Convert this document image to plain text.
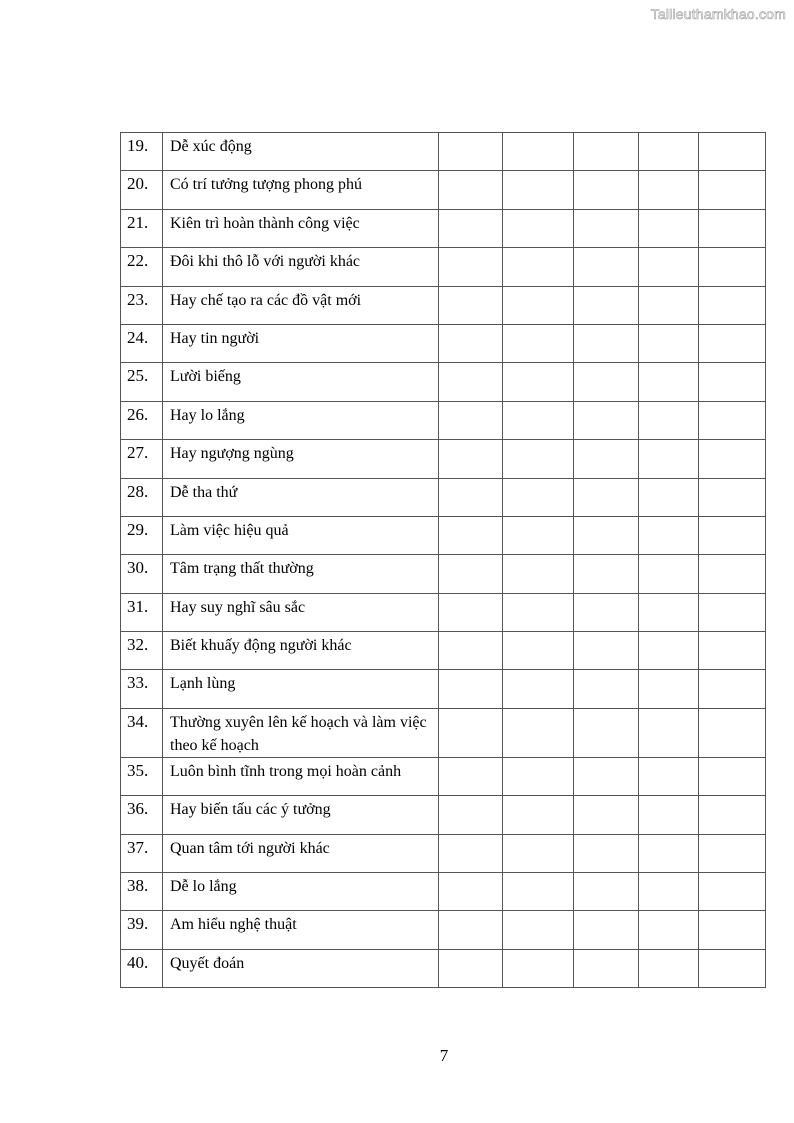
Tailieuthamkhao.com
19.	Dễ xúc động					
20.	Có trí tưởng tượng phong phú					
21.	Kiên trì hoàn thành công việc					
22.	Đôi khi thô lỗ với người khác					
23.	Hay chế tạo ra các đồ vật mới					
24.	Hay tin người					
25.	Lười biếng					
26.	Hay lo lắng					
27.	Hay ngượng ngùng					
28.	Dễ tha thứ					
29.	Làm việc hiệu quả					
30.	Tâm trạng thất thường					
31.	Hay suy nghĩ sâu sắc					
32.	Biết khuấy động người khác					
33.	Lạnh lùng					
34.	Thường xuyên lên kế hoạch và làm việc theo kế hoạch					
35.	Luôn bình tĩnh trong mọi hoàn cảnh					
36.	Hay biến tấu các ý tưởng					
37.	Quan tâm tới người khác					
38.	Dễ lo lắng					
39.	Am hiểu nghệ thuật					
40.	Quyết đoán					
7
